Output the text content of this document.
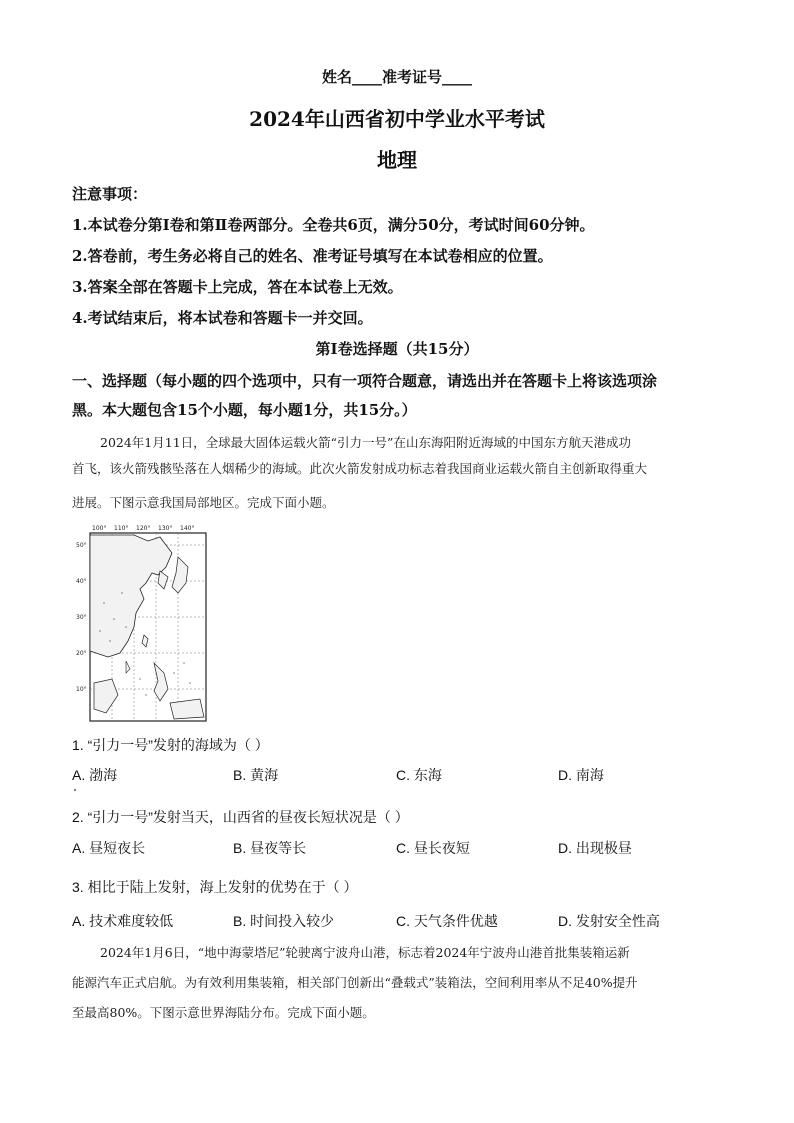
姓名____准考证号____
2024年山西省初中学业水平考试
地理
注意事项：
1.本试卷分第Ⅰ卷和第Ⅱ卷两部分。全卷共6页，满分50分，考试时间60分钟。
2.答卷前，考生务必将自己的姓名、准考证号填写在本试卷相应的位置。
3.答案全部在答题卡上完成，答在本试卷上无效。
4.考试结束后，将本试卷和答题卡一并交回。
第Ⅰ卷选择题（共15分）
一、选择题（每小题的四个选项中，只有一项符合题意，请选出并在答题卡上将该选项涂
黑。本大题包含15个小题，每小题1分，共15分。）
2024年1月11日，全球最大固体运载火箭“引力一号”在山东海阳附近海域的中国东方航天港成功
首飞，该火箭残骸坠落在人烟稀少的海域。此次火箭发射成功标志着我国商业运载火箭自主创新取得重大
进展。下图示意我国局部地区。完成下面小题。
100° 110° 120° 130° 140°
50°
40°
30°
20°
10°
1. “引力一号”发射的海域为（ ）
A. 渤海	B. 黄海	C. 东海	D. 南海
2. “引力一号”发射当天，山西省的昼夜长短状况是（ ）
A. 昼短夜长	B. 昼夜等长	C. 昼长夜短	D. 出现极昼
3. 相比于陆上发射，海上发射的优势在于（ ）
A. 技术难度较低	B. 时间投入较少	C. 天气条件优越	D. 发射安全性高
2024年1月6日，“地中海蒙塔尼”轮驶离宁波舟山港，标志着2024年宁波舟山港首批集装箱运新
能源汽车正式启航。为有效利用集装箱，相关部门创新出“叠载式”装箱法，空间利用率从不足40%提升
至最高80%。下图示意世界海陆分布。完成下面小题。
